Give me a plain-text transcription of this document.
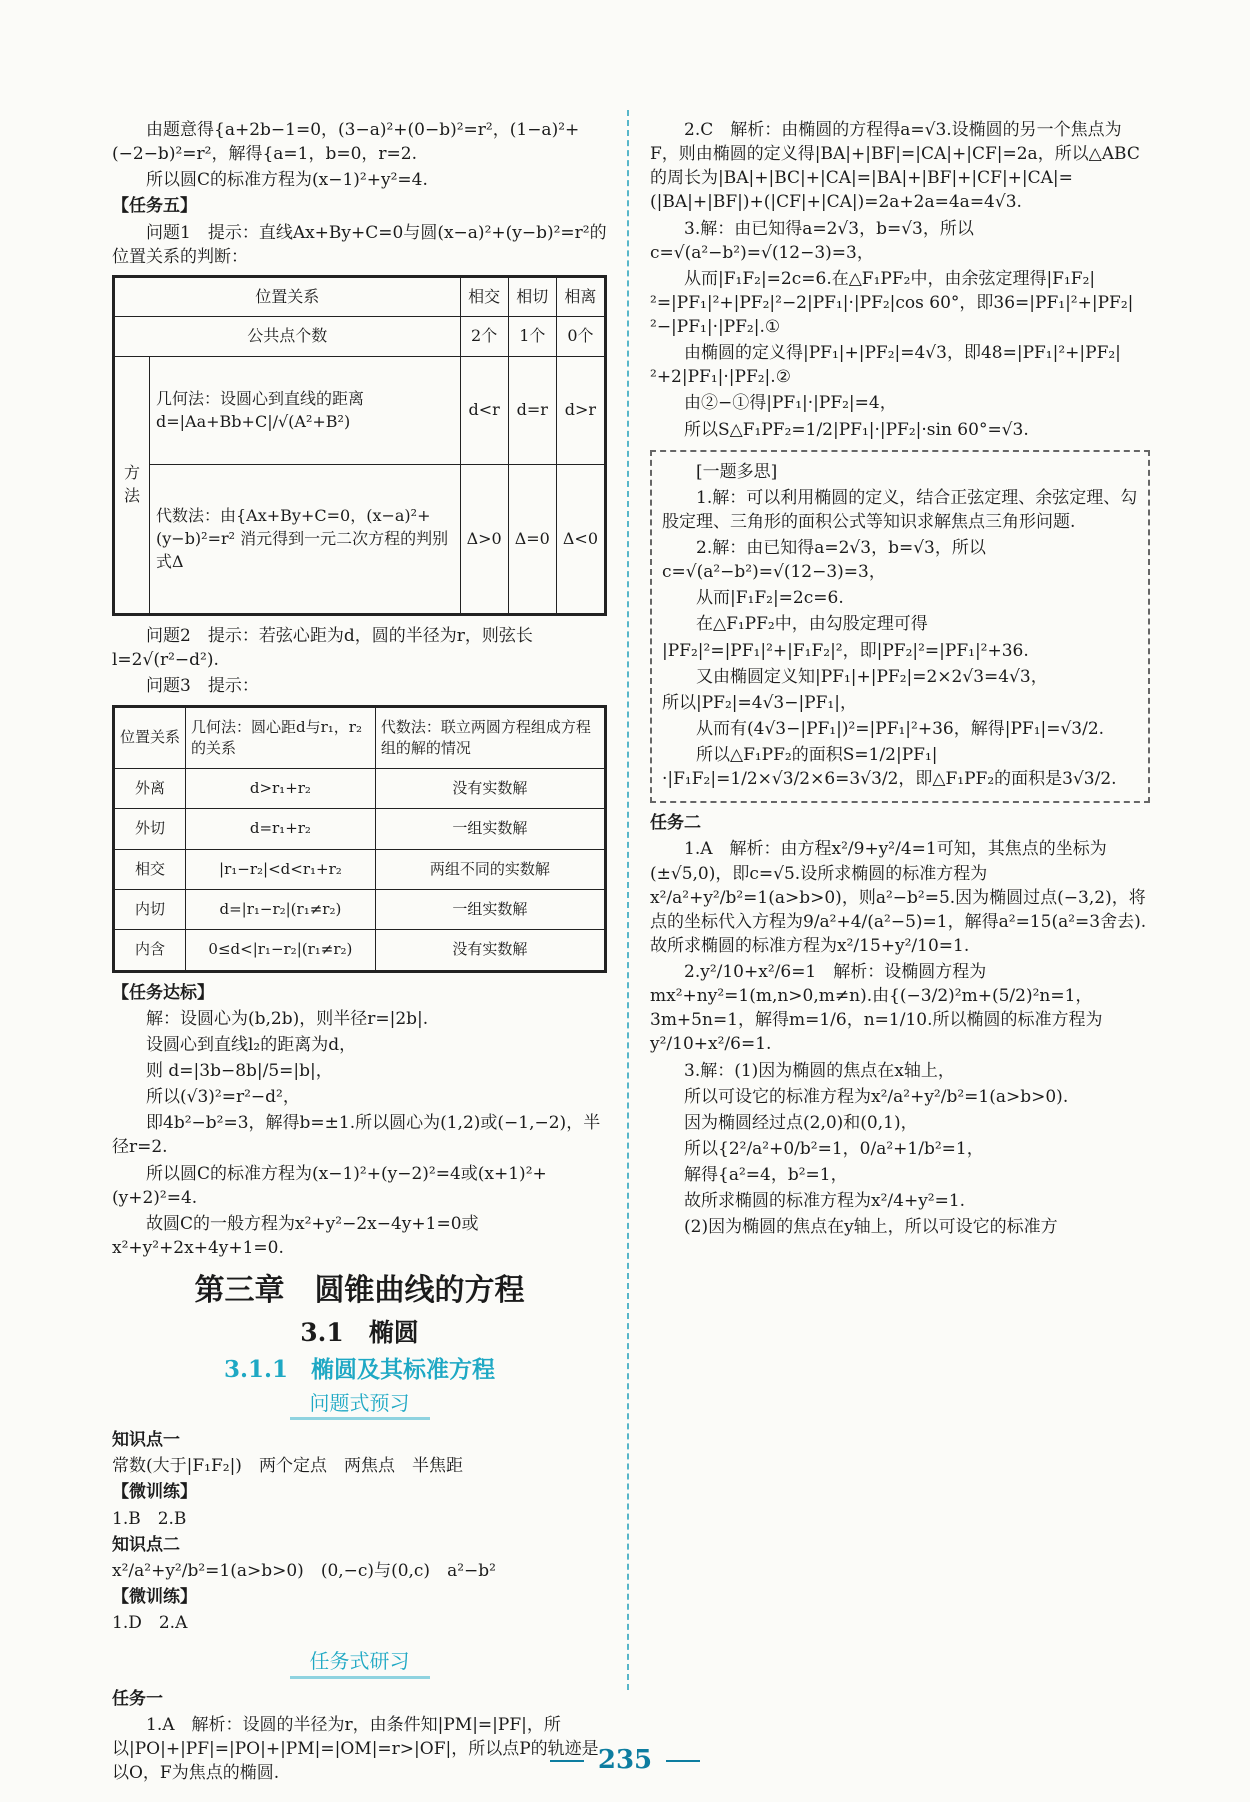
由题意得{a+2b−1=0，(3−a)²+(0−b)²=r²，(1−a)²+(−2−b)²=r²，解得{a=1，b=0，r=2.

所以圆C的标准方程为(x−1)²+y²=4.

【任务五】

问题1　提示：直线Ax+By+C=0与圆(x−a)²+(y−b)²=r²的位置关系的判断：

位置关系		相交	相切	相离
公共点个数		2个	1个	0个
方法	几何法：设圆心到直线的距离 d=|Aa+Bb+C|/√(A²+B²)	d<r	d=r	d>r
	代数法：由{Ax+By+C=0，(x−a)²+(y−b)²=r² 消元得到一元二次方程的判别式Δ	Δ>0	Δ=0	Δ<0

问题2　提示：若弦心距为d，圆的半径为r，则弦长l=2√(r²−d²).

问题3　提示：

位置关系	几何法：圆心距d与r₁，r₂的关系	代数法：联立两圆方程组成方程组的解的情况
外离	d>r₁+r₂	没有实数解
外切	d=r₁+r₂	一组实数解
相交	|r₁−r₂|<d<r₁+r₂	两组不同的实数解
内切	d=|r₁−r₂|(r₁≠r₂)	一组实数解
内含	0≤d<|r₁−r₂|(r₁≠r₂)	没有实数解

【任务达标】

解：设圆心为(b,2b)，则半径r=|2b|.

设圆心到直线l₂的距离为d，

则 d=|3b−8b|/5=|b|，

所以(√3)²=r²−d²，

即4b²−b²=3，解得b=±1.所以圆心为(1,2)或(−1,−2)，半径r=2.

所以圆C的标准方程为(x−1)²+(y−2)²=4或(x+1)²+(y+2)²=4.

故圆C的一般方程为x²+y²−2x−4y+1=0或x²+y²+2x+4y+1=0.

第三章　圆锥曲线的方程
3.1　椭圆
3.1.1　椭圆及其标准方程
问题式预习

知识点一

常数(大于|F₁F₂|)　两个定点　两焦点　半焦距

【微训练】

1.B　2.B

知识点二

x²/a²+y²/b²=1(a>b>0)　(0,−c)与(0,c)　a²−b²

【微训练】

1.D　2.A

任务式研习

任务一

1.A　解析：设圆的半径为r，由条件知|PM|=|PF|，所以|PO|+|PF|=|PO|+|PM|=|OM|=r>|OF|，所以点P的轨迹是以O，F为焦点的椭圆.

2.C　解析：由椭圆的方程得a=√3.设椭圆的另一个焦点为F，则由椭圆的定义得|BA|+|BF|=|CA|+|CF|=2a，所以△ABC的周长为|BA|+|BC|+|CA|=|BA|+|BF|+|CF|+|CA|=(|BA|+|BF|)+(|CF|+|CA|)=2a+2a=4a=4√3.

3.解：由已知得a=2√3，b=√3，所以c=√(a²−b²)=√(12−3)=3，

从而|F₁F₂|=2c=6.在△F₁PF₂中，由余弦定理得|F₁F₂|²=|PF₁|²+|PF₂|²−2|PF₁|·|PF₂|cos 60°，即36=|PF₁|²+|PF₂|²−|PF₁|·|PF₂|.①

由椭圆的定义得|PF₁|+|PF₂|=4√3，即48=|PF₁|²+|PF₂|²+2|PF₁|·|PF₂|.②

由②−①得|PF₁|·|PF₂|=4，

所以S△F₁PF₂=1/2|PF₁|·|PF₂|·sin 60°=√3.

[一题多思]

1.解：可以利用椭圆的定义，结合正弦定理、余弦定理、勾股定理、三角形的面积公式等知识求解焦点三角形问题.

2.解：由已知得a=2√3，b=√3，所以c=√(a²−b²)=√(12−3)=3，

从而|F₁F₂|=2c=6.

在△F₁PF₂中，由勾股定理可得

|PF₂|²=|PF₁|²+|F₁F₂|²，即|PF₂|²=|PF₁|²+36.

又由椭圆定义知|PF₁|+|PF₂|=2×2√3=4√3，

所以|PF₂|=4√3−|PF₁|，

从而有(4√3−|PF₁|)²=|PF₁|²+36，解得|PF₁|=√3/2.

所以△F₁PF₂的面积S=1/2|PF₁|·|F₁F₂|=1/2×√3/2×6=3√3/2，即△F₁PF₂的面积是3√3/2.

任务二

1.A　解析：由方程x²/9+y²/4=1可知，其焦点的坐标为(±√5,0)，即c=√5.设所求椭圆的标准方程为x²/a²+y²/b²=1(a>b>0)，则a²−b²=5.因为椭圆过点(−3,2)，将点的坐标代入方程为9/a²+4/(a²−5)=1，解得a²=15(a²=3舍去).故所求椭圆的标准方程为x²/15+y²/10=1.

2.y²/10+x²/6=1　解析：设椭圆方程为mx²+ny²=1(m,n>0,m≠n).由{(−3/2)²m+(5/2)²n=1，3m+5n=1，解得m=1/6，n=1/10.所以椭圆的标准方程为y²/10+x²/6=1.

3.解：(1)因为椭圆的焦点在x轴上，

所以可设它的标准方程为x²/a²+y²/b²=1(a>b>0).

因为椭圆经过点(2,0)和(0,1)，

所以{2²/a²+0/b²=1，0/a²+1/b²=1，

解得{a²=4，b²=1，

故所求椭圆的标准方程为x²/4+y²=1.

(2)因为椭圆的焦点在y轴上，所以可设它的标准方

235
